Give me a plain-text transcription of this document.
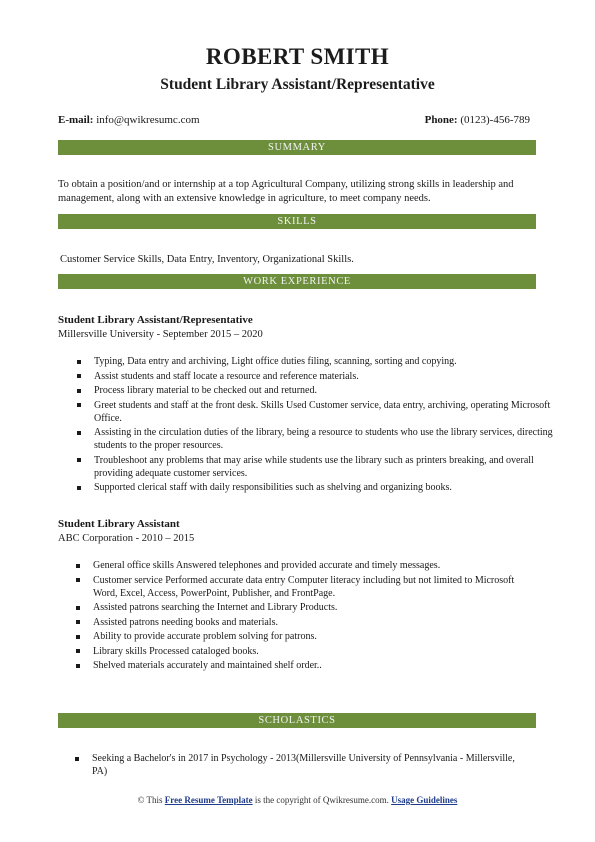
ROBERT SMITH
Student Library Assistant/Representative
E-mail: info@qwikresumc.com	Phone: (0123)-456-789
SUMMARY
To obtain a position/and or internship at a top Agricultural Company, utilizing strong skills in leadership and management, along with an extensive knowledge in agriculture, to meet company needs.
SKILLS
Customer Service Skills, Data Entry, Inventory, Organizational Skills.
WORK EXPERIENCE
Student Library Assistant/Representative
Millersville University - September 2015 – 2020
Typing, Data entry and archiving, Light office duties filing, scanning, sorting and copying.
Assist students and staff locate a resource and reference materials.
Process library material to be checked out and returned.
Greet students and staff at the front desk. Skills Used Customer service, data entry, archiving, operating Microsoft Office.
Assisting in the circulation duties of the library, being a resource to students who use the library services, directing students to the proper resources.
Troubleshoot any problems that may arise while students use the library such as printers breaking, and overall providing adequate customer services.
Supported clerical staff with daily responsibilities such as shelving and organizing books.
Student Library Assistant
ABC Corporation - 2010 – 2015
General office skills Answered telephones and provided accurate and timely messages.
Customer service Performed accurate data entry Computer literacy including but not limited to Microsoft Word, Excel, Access, PowerPoint, Publisher, and FrontPage.
Assisted patrons searching the Internet and Library Products.
Assisted patrons needing books and materials.
Ability to provide accurate problem solving for patrons.
Library skills Processed cataloged books.
Shelved materials accurately and maintained shelf order..
SCHOLASTICS
Seeking a Bachelor's in 2017 in Psychology - 2013(Millersville University of Pennsylvania - Millersville, PA)
© This Free Resume Template is the copyright of Qwikresume.com. Usage Guidelines
